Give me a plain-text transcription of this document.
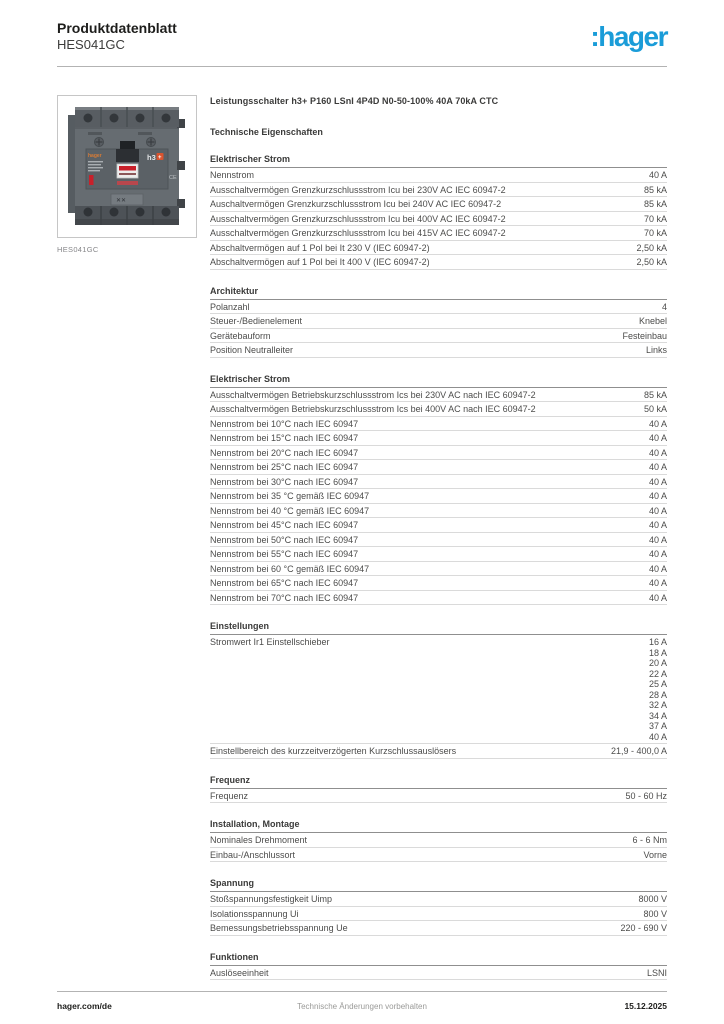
Produktdatenblatt
HES041GC	:hager
hager	h3 +
CE
✕✕
HES041GC
Leistungsschalter h3+ P160 LSnI 4P4D N0-50-100% 40A 70kA CTC
Technische Eigenschaften
Elektrischer Strom
Nennstrom	40 A
Ausschaltvermögen Grenzkurzschlussstrom Icu bei 230V AC IEC 60947-2	85 kA
Auschaltvermögen Grenzkurzschlussstrom Icu bei 240V AC IEC 60947-2	85 kA
Ausschaltvermögen Grenzkurzschlussstrom Icu bei 400V AC IEC 60947-2	70 kA
Ausschaltvermögen Grenzkurzschlussstrom Icu bei 415V AC IEC 60947-2	70 kA
Abschaltvermögen auf 1 Pol bei It 230 V (IEC 60947-2)	2,50 kA
Abschaltvermögen auf 1 Pol bei It 400 V (IEC 60947-2)	2,50 kA
Architektur
Polanzahl	4
Steuer-/Bedienelement	Knebel
Gerätebauform	Festeinbau
Position Neutralleiter	Links
Elektrischer Strom
Ausschaltvermögen Betriebskurzschlussstrom Ics bei 230V AC nach IEC 60947-2	85 kA
Ausschaltvermögen Betriebskurzschlussstrom Ics bei 400V AC nach IEC 60947-2	50 kA
Nennstrom bei 10°C nach IEC 60947	40 A
Nennstrom bei 15°C nach IEC 60947	40 A
Nennstrom bei 20°C nach IEC 60947	40 A
Nennstrom bei 25°C nach IEC 60947	40 A
Nennstrom bei 30°C nach IEC 60947	40 A
Nennstrom bei 35 °C gemäß IEC 60947	40 A
Nennstrom bei 40 °C gemäß IEC 60947	40 A
Nennstrom bei 45°C nach IEC 60947	40 A
Nennstrom bei 50°C nach IEC 60947	40 A
Nennstrom bei 55°C nach IEC 60947	40 A
Nennstrom bei 60 °C gemäß IEC 60947	40 A
Nennstrom bei 65°C nach IEC 60947	40 A
Nennstrom bei 70°C nach IEC 60947	40 A
Einstellungen
Stromwert Ir1 Einstellschieber	16 A
18 A
20 A
22 A
25 A
28 A
32 A
34 A
37 A
40 A
Einstellbereich des kurzzeitverzögerten Kurzschlussauslösers	21,9 - 400,0 A
Frequenz
Frequenz	50 - 60 Hz
Installation, Montage
Nominales Drehmoment	6 - 6 Nm
Einbau-/Anschlussort	Vorne
Spannung
Stoßspannungsfestigkeit Uimp	8000 V
Isolationsspannung Ui	800 V
Bemessungsbetriebsspannung Ue	220 - 690 V
Funktionen
Auslöseeinheit	LSNI
hager.com/de	Technische Änderungen vorbehalten	15.12.2025
